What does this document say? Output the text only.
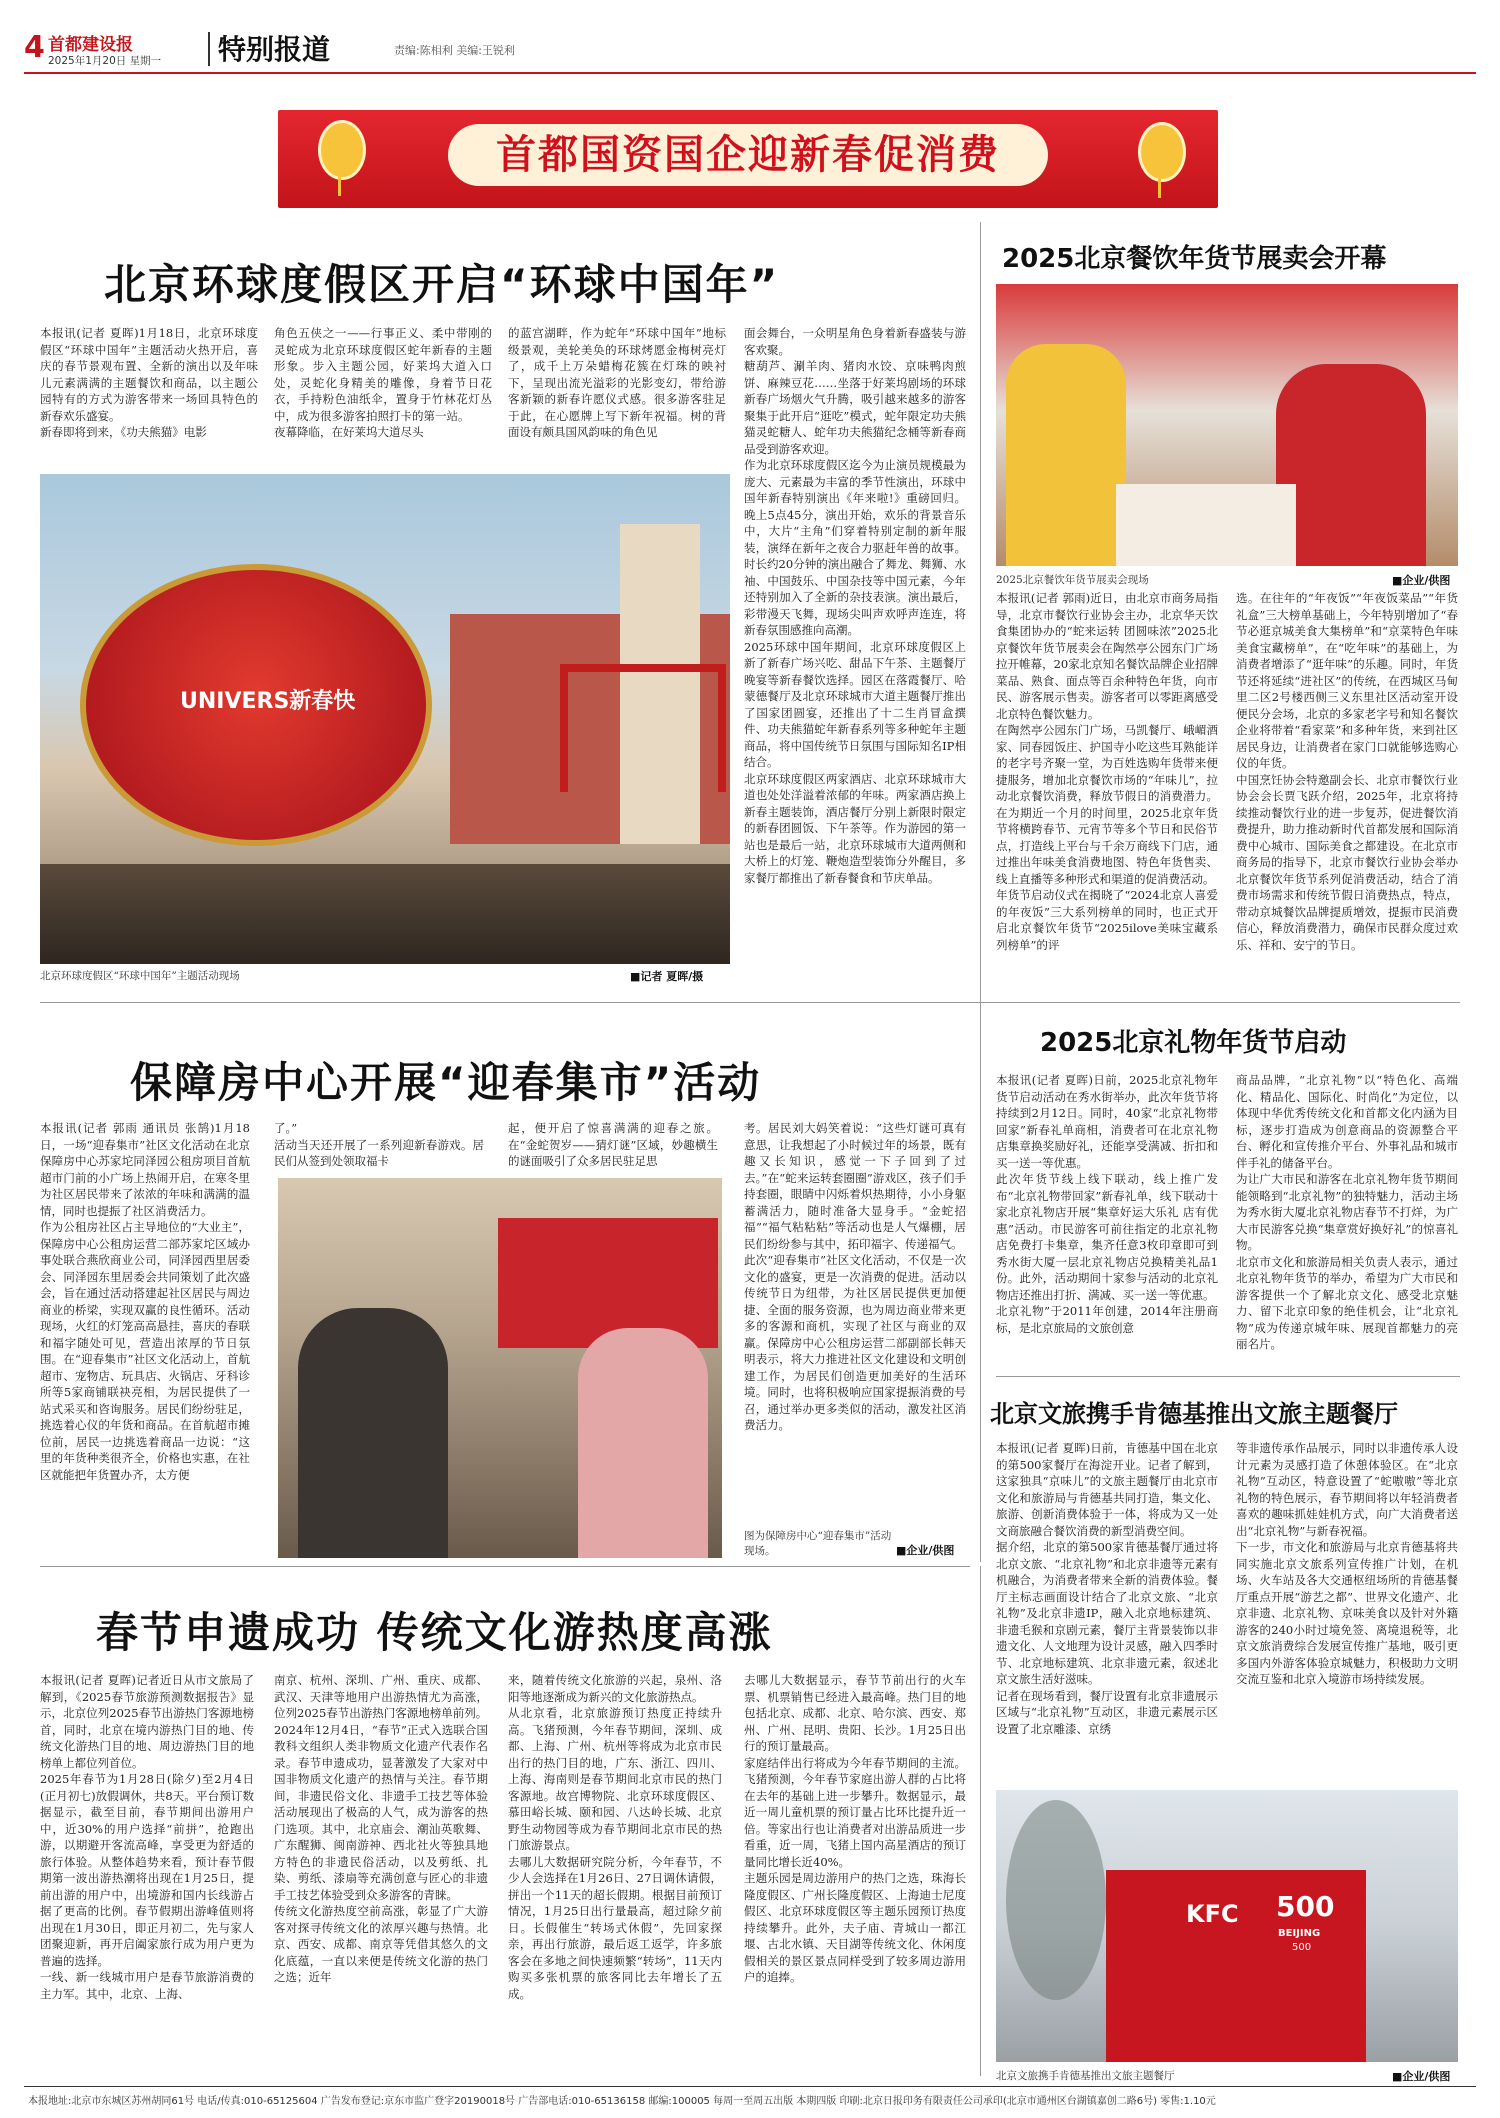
4 首都建设报
2025年1月20日 星期一 特别报道	责编:陈相利 美编:王锐利
首都国资国企迎新春促消费
北京环球度假区开启“环球中国年”
本报讯(记者 夏晖)1月18日，北京环球度假区“环球中国年”主题活动火热开启，喜庆的春节景观布置、全新的演出以及年味儿元素满满的主题餐饮和商品，以主题公园特有的方式为游客带来一场回具特色的新春欢乐盛宴。
新春即将到来，《功夫熊猫》电影
角色五侠之一——行事正义、柔中带刚的灵蛇成为北京环球度假区蛇年新春的主题形象。步入主题公园，好莱坞大道入口处，灵蛇化身精美的雕像，身着节日花衣，手持粉色油纸伞，置身于竹林花灯丛中，成为很多游客拍照打卡的第一站。
夜幕降临，在好莱坞大道尽头
的蓝宫湖畔，作为蛇年“环球中国年”地标级景观，美轮美奂的环球烤愿金梅树亮灯了，成千上万朵蜡梅花簇在灯珠的映衬下，呈现出流光溢彩的光影变幻，带给游客新颖的新春许愿仪式感。很多游客驻足于此，在心愿牌上写下新年祝福。树的背面设有颇具国风韵味的角色见
面会舞台，一众明星角色身着新春盛装与游客欢聚。
糖葫芦、涮羊肉、猪肉水饺、京味鸭肉煎饼、麻辣豆花……坐落于好莱坞剧场的环球新春广场烟火气升腾，吸引越来越多的游客聚集于此开启“逛吃”模式，蛇年限定功夫熊猫灵蛇糖人、蛇年功夫熊猫纪念桶等新春商品受到游客欢迎。
作为北京环球度假区迄今为止演员规模最为庞大、元素最为丰富的季节性演出，环球中国年新春特别演出《年来啦!》重磅回归。晚上5点45分，演出开始，欢乐的背景音乐中，大片“主角”们穿着特别定制的新年服装，演绎在新年之夜合力驱赶年兽的故事。时长约20分钟的演出融合了舞龙、舞狮、水袖、中国鼓乐、中国杂技等中国元素，今年还特别加入了全新的杂技表演。演出最后，彩带漫天飞舞，现场尖叫声欢呼声连连，将新春氛围感推向高潮。
2025环球中国年期间，北京环球度假区上新了新春广场兴吃、甜品下午茶、主题餐厅晚宴等新春餐饮选择。园区在落霞餐厅、哈蒙德餐厅及北京环球城市大道主题餐厅推出了国家团圆宴，还推出了十二生肖冒盒撰件、功夫熊猫蛇年新春系列等多种蛇年主题商品，将中国传统节日氛围与国际知名IP相结合。
北京环球度假区两家酒店、北京环球城市大道也处处洋溢着浓郁的年味。两家酒店换上新春主题装饰，酒店餐厅分别上新限时限定的新春团圆饭、下午茶等。作为游园的第一站也是最后一站，北京环球城市大道两侧和大桥上的灯笼、鞭炮造型装饰分外醒目，多家餐厅都推出了新春餐食和节庆单品。
UNIVERS新春快
北京环球度假区“环球中国年”主题活动现场	■记者 夏晖/摄
2025北京餐饮年货节展卖会开幕
2025北京餐饮年货节展卖会现场	■企业/供图
本报讯(记者 郭雨)近日，由北京市商务局指导，北京市餐饮行业协会主办，北京华天饮食集团协办的“蛇来运转 团圆味浓”2025北京餐饮年货节展卖会在陶然亭公园东门广场拉开帷幕，20家北京知名餐饮品牌企业招牌菜品、熟食、面点等百余种特色年货，向市民、游客展示售卖。游客者可以零距离感受北京特色餐饮魅力。
在陶然亭公园东门广场，马凯餐厅、峨嵋酒家、同春园饭庄、护国寺小吃这些耳熟能详的老字号齐聚一堂，为百姓选购年货带来便捷服务，增加北京餐饮市场的“年味儿”，拉动北京餐饮消费，释放节假日的消费潜力。在为期近一个月的时间里，2025北京年货节将横跨春节、元宵节等多个节日和民俗节点，打造线上平台与千余万商线下门店，通过推出年味美食消费地图、特色年货售卖、线上直播等多种形式和渠道的促消费活动。
年货节启动仪式在揭晓了“2024北京人喜爱的年夜饭”三大系列榜单的同时，也正式开启北京餐饮年货节“2025ilove美味宝藏系列榜单”的评
选。在往年的“年夜饭”“年夜饭菜品”“年货礼盒”三大榜单基础上，今年特别增加了“春节必逛京城美食大集榜单”和“京菜特色年味美食宝藏榜单”，在“吃年味”的基础上，为消费者增添了“逛年味”的乐趣。同时，年货节还将延续“进社区”的传统，在西城区马甸里二区2号楼西侧三义东里社区活动室开设便民分会场，北京的多家老字号和知名餐饮企业将带着“看家菜”和多种年货，来到社区居民身边，让消费者在家门口就能够选购心仪的年货。
中国烹饪协会特邀副会长、北京市餐饮行业协会会长贾飞跃介绍，2025年，北京将持续推动餐饮行业的进一步复苏，促进餐饮消费提升，助力推动新时代首都发展和国际消费中心城市、国际美食之都建设。在北京市商务局的指导下，北京市餐饮行业协会举办北京餐饮年货节系列促消费活动，结合了消费市场需求和传统节假日消费热点，特点，带动京城餐饮品牌提质增效，提振市民消费信心，释放消费潜力，确保市民群众度过欢乐、祥和、安宁的节日。
保障房中心开展“迎春集市”活动
本报讯(记者 郭雨 通讯员 张鹄)1月18日，一场“迎春集市”社区文化活动在北京保障房中心苏家坨同泽园公租房项目首航超市门前的小广场上热闹开启，在寒冬里为社区居民带来了浓浓的年味和满满的温情，同时也提振了社区消费活力。
作为公租房社区占主导地位的“大业主”，保障房中心公租房运营二部苏家坨区域办事处联合燕欣商业公司，同泽园西里居委会、同泽园东里居委会共同策划了此次盛会，旨在通过活动搭建起社区居民与周边商业的桥梁，实现双赢的良性循环。活动现场，火红的灯笼高高悬挂，喜庆的春联和福字随处可见，营造出浓厚的节日氛围。在“迎春集市”社区文化活动上，首航超市、宠物店、玩具店、火锅店、牙科诊所等5家商铺联袂亮相，为居民提供了一站式采买和咨询服务。居民们纷纷驻足，挑选着心仪的年货和商品。在首航超市摊位前，居民一边挑选着商品一边说：“这里的年货种类很齐全，价格也实惠，在社区就能把年货置办齐，太方便
了。”
活动当天还开展了一系列迎新春游戏。居民们从签到处领取福卡
起，便开启了惊喜满满的迎春之旅。在“金蛇贺岁——猜灯谜”区域，妙趣横生的谜面吸引了众多居民驻足思
考。居民刘大妈笑着说：“这些灯谜可真有意思，让我想起了小时候过年的场景，既有趣又长知识，感觉一下子回到了过去。”在“蛇来运转套圈圈”游戏区，孩子们手持套圈，眼睛中闪烁着炽热期待，小小身躯蓄满活力，随时准备大显身手。“金蛇招福”“福气粘粘粘”等活动也是人气爆棚，居民们纷纷参与其中，拓印福字、传递福气。
此次“迎春集市”社区文化活动，不仅是一次文化的盛宴，更是一次消费的促进。活动以传统节日为纽带，为社区居民提供更加便捷、全面的服务资源，也为周边商业带来更多的客源和商机，实现了社区与商业的双赢。保障房中心公租房运营二部副部长韩天明表示，将大力推进社区文化建设和文明创建工作，为居民们创造更加美好的生活环境。同时，也将积极响应国家提振消费的号召，通过举办更多类似的活动，激发社区消费活力。
图为保障房中心“迎春集市”活动现场。	■企业/供图
2025北京礼物年货节启动
本报讯(记者 夏晖)日前，2025北京礼物年货节启动活动在秀水街举办，此次年货节将持续到2月12日。同时，40家“北京礼物带回家”新春礼单商相，消费者可在北京礼物店集章换奖励好礼，还能享受满减、折扣和买一送一等优惠。
此次年货节线上线下联动，线上推广发布“北京礼物带回家”新春礼单，线下联动十家北京礼物店开展“集章好运大乐礼 店有优惠”活动。市民游客可前往指定的北京礼物店免费打卡集章，集齐任意3枚印章即可到秀水街大厦一层北京礼物店兑换精美礼品1份。此外，活动期间十家参与活动的北京礼物店还推出打折、满减、买一送一等优惠。
北京礼物”于2011年创建，2014年注册商标，是北京旅局的文旅创意
商品品牌，“北京礼物”以“特色化、高端化、精品化、国际化、时尚化”为定位，以体现中华优秀传统文化和首都文化内涵为目标，逐步打造成为创意商品的资源整合平台、孵化和宣传推介平台、外事礼品和城市伴手礼的储备平台。
为让广大市民和游客在北京礼物年货节期间能领略到“北京礼物”的独特魅力，活动主场为秀水街大厦北京礼物店春节不打烊，为广大市民游客兑换“集章赏好换好礼”的惊喜礼物。
北京市文化和旅游局相关负责人表示，通过北京礼物年货节的举办，希望为广大市民和游客提供一个了解北京文化、感受北京魅力、留下北京印象的绝佳机会，让“北京礼物”成为传递京城年味、展现首都魅力的亮丽名片。
北京文旅携手肯德基推出文旅主题餐厅
本报讯(记者 夏晖)日前，肯德基中国在北京的第500家餐厅在海淀开业。记者了解到，这家独具“京味儿”的文旅主题餐厅由北京市文化和旅游局与肯德基共同打造，集文化、旅游、创新消费体验于一体，将成为又一处文商旅融合餐饮消费的新型消费空间。
据介绍，北京的第500家肯德基餐厅通过将北京文旅、“北京礼物”和北京非遗等元素有机融合，为消费者带来全新的消费体验。餐厅主标志画面设计结合了北京文旅、“北京礼物”及北京非遗IP，融入北京地标建筑、非遗毛猴和京剧元素，餐厅主背景装饰以非遗文化、人文地理为设计灵感，融入四季时节、北京地标建筑、北京非遗元素，叙述北京文旅生活好滋味。
记者在现场看到，餐厅设置有北京非遗展示区域与“北京礼物”互动区，非遗元素展示区设置了北京雕漆、京绣
等非遗传承作品展示，同时以非遗传承人设计元素为灵感打造了休憩体验区。在“北京礼物”互动区，特意设置了“蛇嗷嗷”等北京礼物的特色展示，春节期间将以年轻消费者喜欢的趣味抓娃娃机方式，向广大消费者送出“北京礼物”与新春祝福。
下一步，市文化和旅游局与北京肯德基将共同实施北京文旅系列宣传推广计划，在机场、火车站及各大交通枢纽场所的肯德基餐厅重点开展“游艺之都”、世界文化遗产、北京非遗、北京礼物、京味美食以及针对外籍游客的240小时过境免签、离境退税等，北京文旅消费综合发展宣传推广基地，吸引更多国内外游客体验京城魅力，积极助力文明交流互鉴和北京入境游市场持续发展。
KFC 500
BEIJING
500
北京文旅携手肯德基推出文旅主题餐厅	■企业/供图
春节申遗成功 传统文化游热度高涨
本报讯(记者 夏晖)记者近日从市文旅局了解到，《2025春节旅游预测数据报告》显示，北京位列2025春节出游热门客源地榜首，同时，北京在境内游热门目的地、传统文化游热门目的地、周边游热门目的地榜单上都位列首位。
2025年春节为1月28日(除夕)至2月4日(正月初七)放假调休，共8天。平台预订数据显示，截至目前，春节期间出游用户中，近30%的用户选择“前拼”，抢跑出游，以期避开客流高峰，享受更为舒适的旅行体验。从整体趋势来看，预计春节假期第一波出游热潮将出现在1月25日，提前出游的用户中，出境游和国内长线游占据了更高的比例。春节假期出游峰值则将出现在1月30日，即正月初二，先与家人团聚迎新，再开启阖家旅行成为用户更为普遍的选择。
一线、新一线城市用户是春节旅游消费的主力军。其中，北京、上海、
南京、杭州、深圳、广州、重庆、成都、武汉、天津等地用户出游热情尤为高涨，位列2025春节出游热门客源地榜单前列。
2024年12月4日，“春节”正式入选联合国教科文组织人类非物质文化遗产代表作名录。春节申遗成功，显著激发了大家对中国非物质文化遗产的热情与关注。春节期间，非遗民俗文化、非遗手工技艺等体验活动展现出了极高的人气，成为游客的热门选项。其中，北京庙会、潮汕英歌舞、广东醒狮、闽南游神、西北社火等独具地方特色的非遗民俗活动，以及剪纸、扎染、剪纸、漆扇等充满创意与匠心的非遗手工技艺体验受到众多游客的青睐。
传统文化游热度空前高涨，彰显了广大游客对探寻传统文化的浓厚兴趣与热情。北京、西安、成都、南京等凭借其悠久的文化底蕴，一直以来便是传统文化游的热门之选；近年
来，随着传统文化旅游的兴起，泉州、洛阳等地逐渐成为新兴的文化旅游热点。
从北京看，北京旅游预订热度正持续升高。飞猪预测，今年春节期间，深圳、成都、上海、广州、杭州等将成为北京市民出行的热门目的地，广东、浙江、四川、上海、海南则是春节期间北京市民的热门客源地。故宫博物院、北京环球度假区、慕田峪长城、颐和园、八达岭长城、北京野生动物园等成为春节期间北京市民的热门旅游景点。
去哪儿大数据研究院分析，今年春节，不少人会选择在1月26日、27日调休请假，拼出一个11天的超长假期。根据目前预订情况，1月25日出行量最高，超过除夕前日。长假催生“转场式休假”，先回家探亲，再出行旅游，最后返工返学，许多旅客会在多地之间快速频繁“转场”，11天内购买多张机票的旅客同比去年增长了五成。
去哪儿大数据显示，春节节前出行的火车票、机票销售已经进入最高峰。热门目的地包括北京、成都、北京、哈尔滨、西安、郑州、广州、昆明、贵阳、长沙。1月25日出行的预订量最高。
家庭结伴出行将成为今年春节期间的主流。飞猪预测，今年春节家庭出游人群的占比将在去年的基础上进一步攀升。数据显示，最近一周儿童机票的预订量占比环比提升近一倍。等家出行也让消费者对出游品质进一步看重，近一周，飞猪上国内高星酒店的预订量同比增长近40%。
主题乐园是周边游用户的热门之选，珠海长隆度假区、广州长隆度假区、上海迪士尼度假区、北京环球度假区等主题乐园预订热度持续攀升。此外，夫子庙、青城山一都江堰、古北水镇、天目湖等传统文化、休闲度假相关的景区景点同样受到了较多周边游用户的追捧。
本报地址:北京市东城区苏州胡同61号 电话/传真:010-65125604 广告发布登记:京东市监广登字20190018号 广告部电话:010-65136158 邮编:100005 每周一至周五出版 本期四版 印刷:北京日报印务有限责任公司承印(北京市通州区台湖镇嘉创二路6号) 零售:1.10元
